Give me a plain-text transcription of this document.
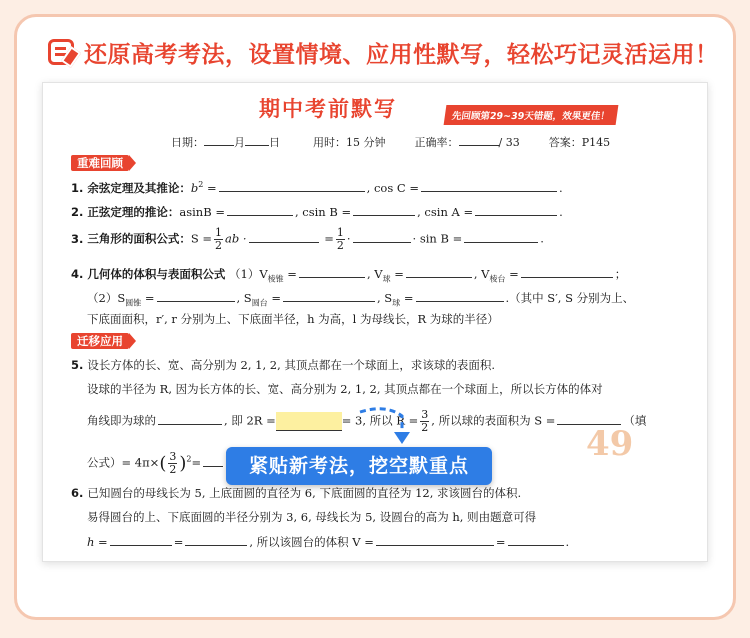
还原高考考法，设置情境、应用性默写，轻松巧记灵活运用！
期中考前默写	先回顾第29~39天错题，效果更佳！
日期：	月 日	用时：15 分钟	正确率：	/ 33	答案：P145
重难回顾
1. 余弦定理及其推论：$b^2$ =	, cos C =	.
2. 正弦定理的推论：asinB =	, csin B =	, csin A =	.
3. 三角形的面积公式：$S = \frac{1}{2}$ ab ·	= $\frac{1}{2}$ ·	· sin B =	.
4. 几何体的体积与表面积公式 $(1)V_{棱锥}$ =	, $V_球$ =	, $V_{棱台}$ =	；
$(2)S_{圆锥}$ =	, $S_{圆台}$ =	, $S_球$ =	.（其中 S′, S 分别为上、
下底面面积，r′, r 分别为上、下底面半径，h 为高，l 为母线长，R 为球的半径）
迁移应用
5. 设长方体的长、宽、高分别为 2, 1, 2, 其顶点都在一个球面上，求该球的表面积.
设球的半径为 R, 因为长方体的长、宽、高分别为 2, 1, 2, 其顶点都在一个球面上，所以长方体的体对
角线即为球的	, 即 2R =	= 3, 所以 $R = \frac{3}{2}$ , 所以球的表面积为 S =	（填
公式）= $4\pi\times( \frac{3}{2} )^2=$
6. 已知圆台的母线长为 5, 上底面圆的直径为 6, 下底面圆的直径为 12, 求该圆台的体积.
易得圆台的上、下底面圆的半径分别为 3, 6, 母线长为 5, 设圆台的高为 h, 则由题意可得
h =	=	, 所以该圆台的体积 V =	=	.
49
紧贴新考法，挖空默重点
